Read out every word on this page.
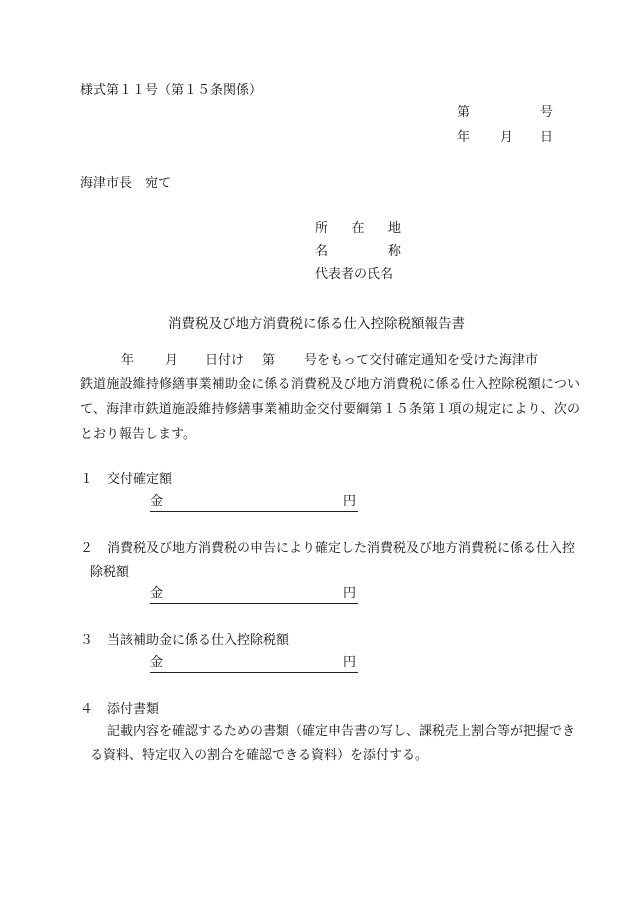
様式第１１号（第１５条関係）
第	号
年 月 日
海津市長　宛て
所 在 地
名	称
代表者の氏名
消費税及び地方消費税に係る仕入控除税額報告書
年 月 日付け 第 号をもって交付確定通知を受けた海津市
鉄道施設維持修繕事業補助金に係る消費税及び地方消費税に係る仕入控除税額について、海津市鉄道施設維持修繕事業補助金交付要綱第１５条第１項の規定により、次のとおり報告します。
１ 交付確定額
金	円
２	消費税及び地方消費税の申告により確定した消費税及び地方消費税に係る仕入控除税額
金	円
３ 当該補助金に係る仕入控除税額
金	円
４ 添付書類
記載内容を確認するための書類（確定申告書の写し、課税売上割合等が把握できる資料、特定収入の割合を確認できる資料）を添付する。
